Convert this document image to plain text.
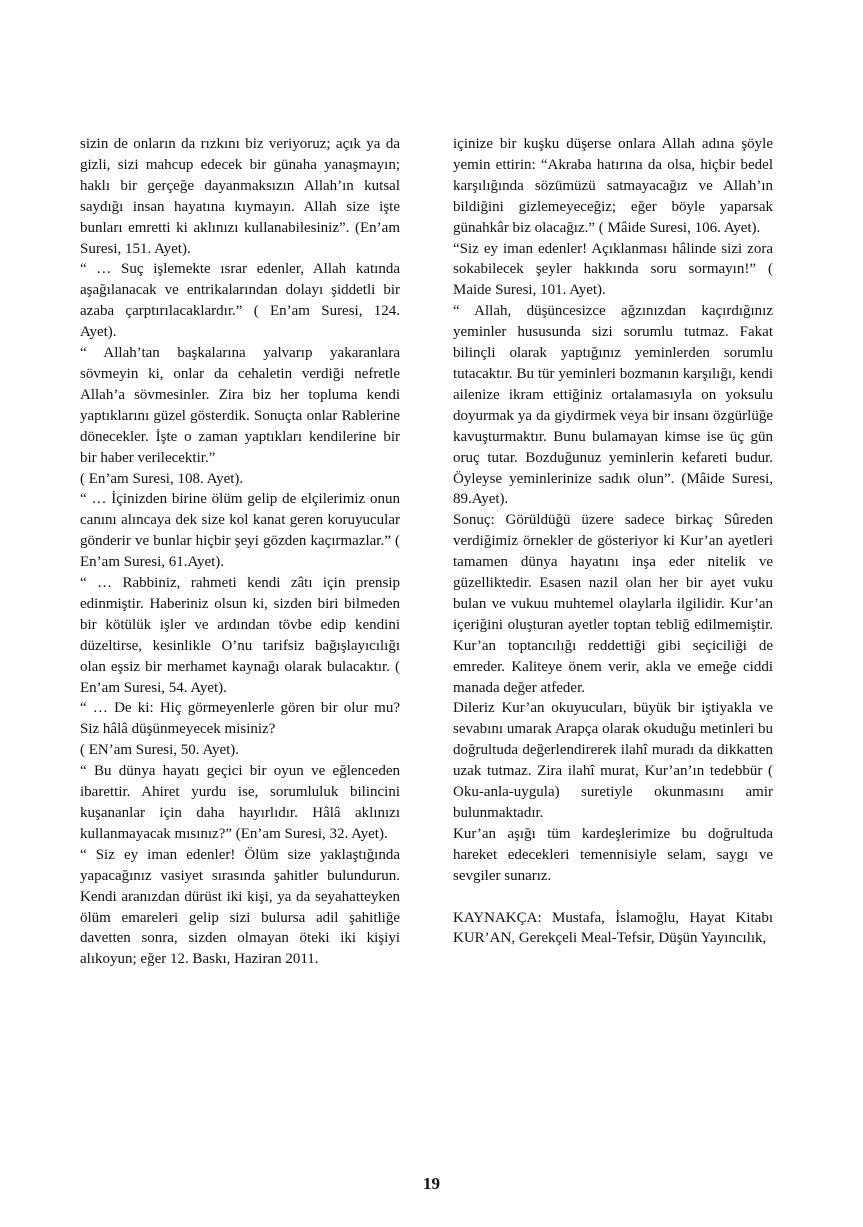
sizin de onların da rızkını biz veriyoruz; açık ya da gizli, sizi mahcup edecek bir günaha yanaşmayın; haklı bir gerçeğe dayanmaksızın Allah’ın kutsal saydığı insan hayatına kıymayın. Allah size işte bunları emretti ki aklınızı kullanabilesiniz”. (En’am Suresi, 151. Ayet).

“ … Suç işlemekte ısrar edenler, Allah katında aşağılanacak ve entrikalarından dolayı şiddetli bir azaba çarptırılacaklardır.” ( En’am Suresi, 124. Ayet).

“ Allah’tan başkalarına yalvarıp yakaranlara sövmeyin ki, onlar da cehaletin verdiği nefretle Allah’a sövmesinler. Zira biz her topluma kendi yaptıklarını güzel gösterdik. Sonuçta onlar Rablerine dönecekler. İşte o zaman yaptıkları kendilerine bir bir haber verilecektir.”

( En’am Suresi, 108. Ayet).

“ … İçinizden birine ölüm gelip de elçilerimiz onun canını alıncaya dek size kol kanat geren koruyucular gönderir ve bunlar hiçbir şeyi gözden kaçırmazlar.” ( En’am Suresi, 61.Ayet).

“ … Rabbiniz, rahmeti kendi zâtı için prensip edinmiştir. Haberiniz olsun ki, sizden biri bilmeden bir kötülük işler ve ardından tövbe edip kendini düzeltirse, kesinlikle O’nu tarifsiz bağışlayıcılığı olan eşsiz bir merhamet kaynağı olarak bulacaktır. ( En’am Suresi, 54. Ayet).

“ … De ki: Hiç görmeyenlerle gören bir olur mu? Siz hâlâ düşünmeyecek misiniz?

( EN’am Suresi, 50. Ayet).

“ Bu dünya hayatı geçici bir oyun ve eğlenceden ibarettir. Ahiret yurdu ise, sorumluluk bilincini kuşananlar için daha hayırlıdır. Hâlâ aklınızı kullanmayacak mısınız?” (En’am Suresi, 32. Ayet).

“ Siz ey iman edenler! Ölüm size yaklaştığında yapacağınız vasiyet sırasında şahitler bulundurun. Kendi aranızdan dürüst iki kişi, ya da seyahatteyken ölüm emareleri gelip sizi bulursa adil şahitliğe davetten sonra, sizden olmayan öteki iki kişiyi alıkoyun; eğer 12. Baskı, Haziran 2011.

içinize bir kuşku düşerse onlara Allah adına şöyle yemin ettirin: “Akraba hatırına da olsa, hiçbir bedel karşılığında sözümüzü satmayacağız ve Allah’ın bildiğini gizlemeyeceğiz; eğer böyle yaparsak günahkâr biz olacağız.” ( Mâide Suresi, 106. Ayet).

“Siz ey iman edenler! Açıklanması hâlinde sizi zora sokabilecek şeyler hakkında soru sormayın!” ( Maide Suresi, 101. Ayet).

“ Allah, düşüncesizce ağzınızdan kaçırdığınız yeminler hususunda sizi sorumlu tutmaz. Fakat bilinçli olarak yaptığınız yeminlerden sorumlu tutacaktır. Bu tür yeminleri bozmanın karşılığı, kendi ailenize ikram ettiğiniz ortalamasıyla on yoksulu doyurmak ya da giydirmek veya bir insanı özgürlüğe kavuşturmaktır. Bunu bulamayan kimse ise üç gün oruç tutar. Bozduğunuz yeminlerin kefareti budur. Öyleyse yeminlerinize sadık olun”. (Mâide Suresi, 89.Ayet).

Sonuç: Görüldüğü üzere sadece birkaç Sûreden verdiğimiz örnekler de gösteriyor ki Kur’an ayetleri tamamen dünya hayatını inşa eder nitelik ve güzelliktedir. Esasen nazil olan her bir ayet vuku bulan ve vukuu muhtemel olaylarla ilgilidir. Kur’an içeriğini oluşturan ayetler toptan tebliğ edilmemiştir. Kur’an toptancılığı reddettiği gibi seçiciliği de emreder. Kaliteye önem verir, akla ve emeğe ciddi manada değer atfeder.

Dileriz Kur’an okuyucuları, büyük bir iştiyakla ve sevabını umarak Arapça olarak okuduğu metinleri bu doğrultuda değerlendirerek ilahî muradı da dikkatten uzak tutmaz. Zira ilahî murat, Kur’an’ın tedebbür ( Oku-anla-uygula) suretiyle okunmasını amir bulunmaktadır.

Kur’an aşığı tüm kardeşlerimize bu doğrultuda hareket edecekleri temennisiyle selam, saygı ve sevgiler sunarız.

KAYNAKÇA: Mustafa, İslamoğlu, Hayat Kitabı KUR’AN, Gerekçeli Meal-Tefsir, Düşün Yayıncılık,

19
